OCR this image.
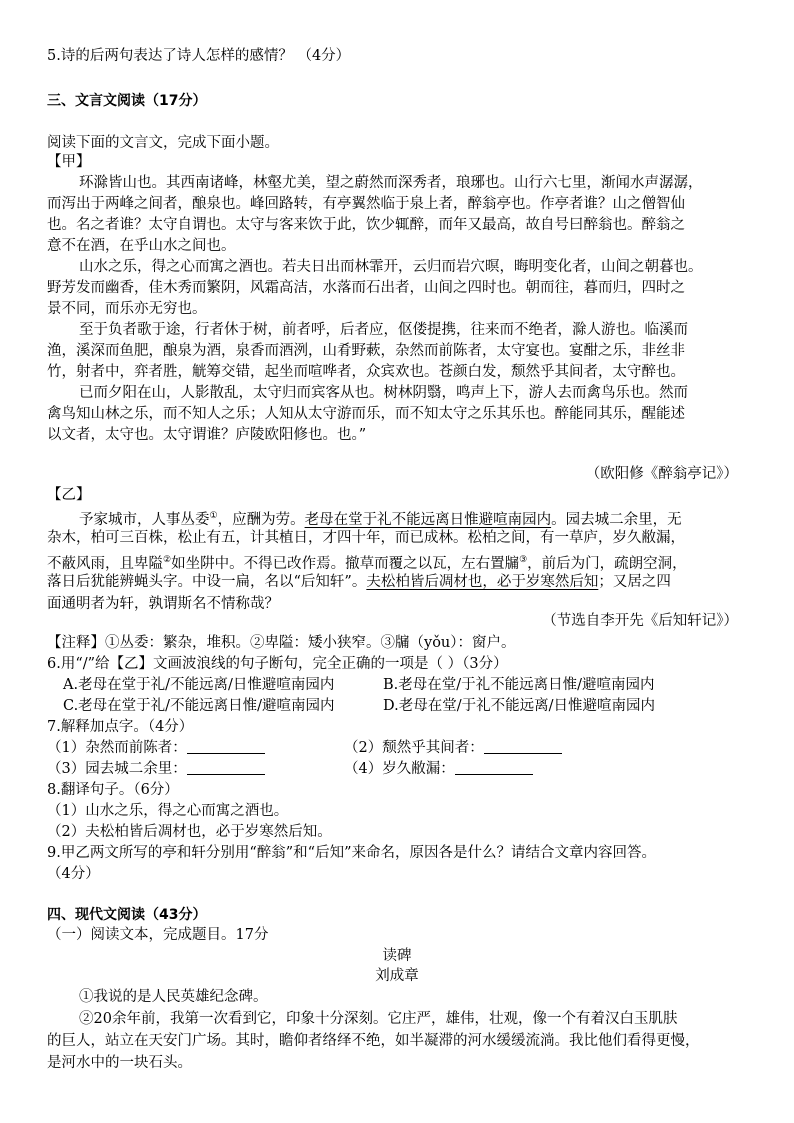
5.诗的后两句表达了诗人怎样的感情？ （4分）
三、文言文阅读（17分）
阅读下面的文言文，完成下面小题。
【甲】
环滁皆山也。其西南诸峰，林壑尤美，望之蔚然而深秀者，琅琊也。山行六七里，渐闻水声潺潺，
而泻出于两峰之间者，酿泉也。峰回路转，有亭翼然临于泉上者，醉翁亭也。作亭者谁？山之僧智仙
也。名之者谁？太守自谓也。太守与客来饮于此，饮少辄醉，而年又最高，故自号曰醉翁也。醉翁之
意不在酒，在乎山水之间也。
山水之乐，得之心而寓之酒也。若夫日出而林霏开，云归而岩穴暝，晦明变化者，山间之朝暮也。
野芳发而幽香，佳木秀而繁阴，风霜高洁，水落而石出者，山间之四时也。朝而往，暮而归，四时之
景不同，而乐亦无穷也。
至于负者歌于途，行者休于树，前者呼，后者应，伛偻提携，往来而不绝者，滁人游也。临溪而
渔，溪深而鱼肥，酿泉为酒，泉香而酒洌，山肴野蔌，杂然而前陈者，太守宴也。宴酣之乐，非丝非
竹，射者中，弈者胜，觥筹交错，起坐而喧哗者，众宾欢也。苍颜白发，颓然乎其间者，太守醉也。
已而夕阳在山，人影散乱，太守归而宾客从也。树林阴翳，鸣声上下，游人去而禽鸟乐也。然而
禽鸟知山林之乐，而不知人之乐；人知从太守游而乐，而不知太守之乐其乐也。醉能同其乐，醒能述
以文者，太守也。太守谓谁？庐陵欧阳修也。也。”
（欧阳修《醉翁亭记》）
【乙】
予家城市，人事丛委①，应酬为劳。老母在堂于礼不能远离日惟避喧南园内。园去城二余里，无
杂木，柏可三百株，松止有五，计其植日，才四十年，而已成林。松柏之间，有一草庐，岁久敝漏，
不蔽风雨，且卑隘②如坐阱中。不得已改作焉。撤草而覆之以瓦，左右置牖③，前后为门，疏朗空洞，
落日后犹能辨蝇头字。中设一扁，名以“后知轩”。夫松柏皆后凋材也，必于岁寒然后知；又居之四
面通明者为轩，孰谓斯名不情称哉？
（节选自李开先《后知轩记》）
【注释】①丛委：繁杂，堆积。②卑隘：矮小狭窄。③牖（yǒu）：窗户。
6.用“/”给【乙】文画波浪线的句子断句，完全正确的一项是（ ）（3分）
A.老母在堂于礼/不能远离/日惟避喧南园内	B.老母在堂/于礼不能远离日惟/避喧南园内
C.老母在堂于礼/不能远离日惟/避喧南园内	D.老母在堂/于礼不能远离/日惟避喧南园内
7.解释加点字。（4分）
（1）杂然而前陈者：	（2）颓然乎其间者：
（3）园去城二余里：	（4）岁久敝漏：
8.翻译句子。（6分）
（1）山水之乐，得之心而寓之酒也。
（2）夫松柏皆后凋材也，必于岁寒然后知。
9.甲乙两文所写的亭和轩分别用“醉翁”和“后知”来命名，原因各是什么？请结合文章内容回答。
（4分）
四、现代文阅读（43分）
（一）阅读文本，完成题目。17分
读碑
刘成章
①我说的是人民英雄纪念碑。
②20余年前，我第一次看到它，印象十分深刻。它庄严，雄伟，壮观，像一个有着汉白玉肌肤
的巨人，站立在天安门广场。其时，瞻仰者络绎不绝，如半凝滞的河水缓缓流淌。我比他们看得更慢，
是河水中的一块石头。
